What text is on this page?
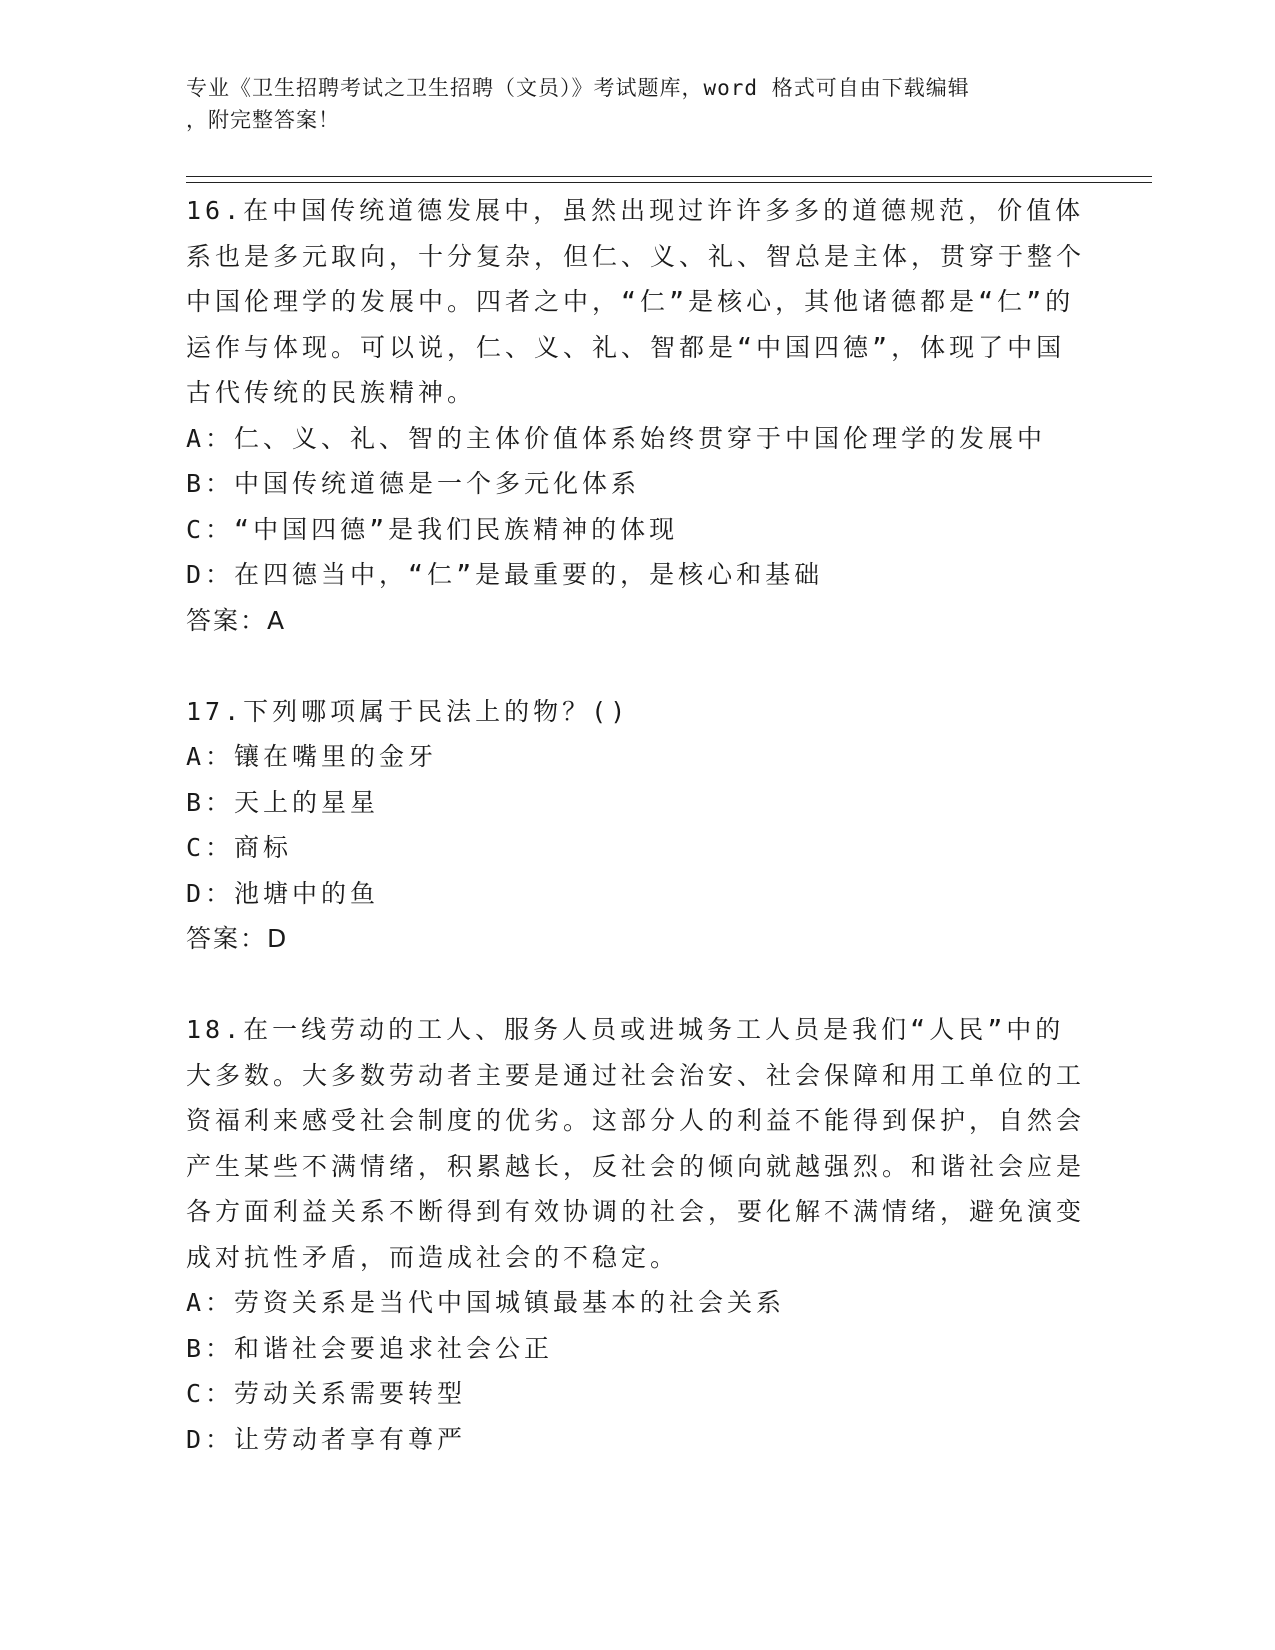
专业《卫生招聘考试之卫生招聘（文员）》考试题库，word 格式可自由下载编辑
，附完整答案！
16.在中国传统道德发展中，虽然出现过许许多多的道德规范，价值体系也是多元取向，十分复杂，但仁、义、礼、智总是主体，贯穿于整个中国伦理学的发展中。四者之中，“仁”是核心，其他诸德都是“仁”的运作与体现。可以说，仁、义、礼、智都是“中国四德”，体现了中国古代传统的民族精神。
A：仁、义、礼、智的主体价值体系始终贯穿于中国伦理学的发展中
B：中国传统道德是一个多元化体系
C：“中国四德”是我们民族精神的体现
D：在四德当中，“仁”是最重要的，是核心和基础
答案：A
17.下列哪项属于民法上的物？()
A：镶在嘴里的金牙
B：天上的星星
C：商标
D：池塘中的鱼
答案：D
18.在一线劳动的工人、服务人员或进城务工人员是我们“人民”中的大多数。大多数劳动者主要是通过社会治安、社会保障和用工单位的工资福利来感受社会制度的优劣。这部分人的利益不能得到保护，自然会产生某些不满情绪，积累越长，反社会的倾向就越强烈。和谐社会应是各方面利益关系不断得到有效协调的社会，要化解不满情绪，避免演变成对抗性矛盾，而造成社会的不稳定。
A：劳资关系是当代中国城镇最基本的社会关系
B：和谐社会要追求社会公正
C：劳动关系需要转型
D：让劳动者享有尊严
